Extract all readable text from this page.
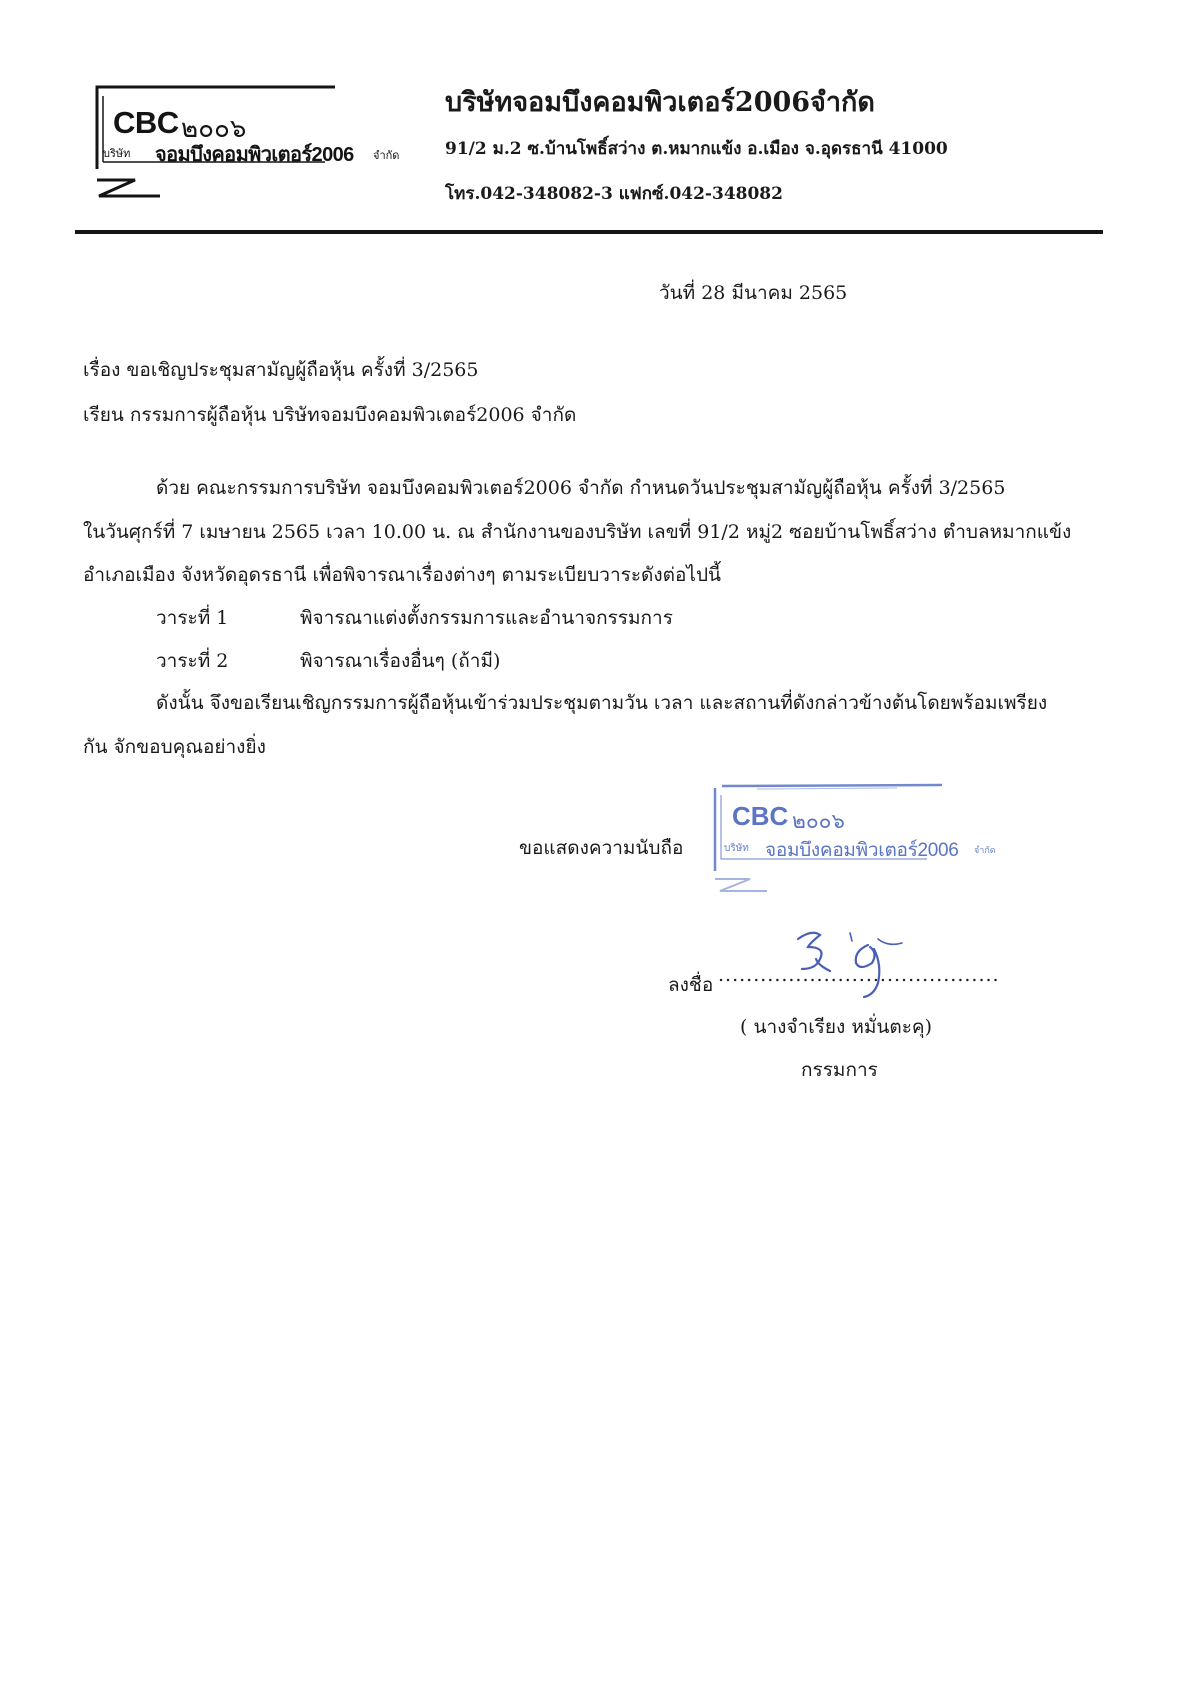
CBC ๒๐๐๖
บริษัท จอมบึงคอมพิวเตอร์2006 จำกัด
บริษัทจอมบึงคอมพิวเตอร์2006จำกัด
91/2 ม.2 ซ.บ้านโพธิ์สว่าง ต.หมากแข้ง อ.เมือง จ.อุดรธานี 41000
โทร.042-348082-3 แฟกซ์.042-348082
วันที่ 28 มีนาคม 2565
เรื่อง ขอเชิญประชุมสามัญผู้ถือหุ้น ครั้งที่ 3/2565
เรียน กรรมการผู้ถือหุ้น บริษัทจอมบึงคอมพิวเตอร์2006 จำกัด
ด้วย คณะกรรมการบริษัท จอมบึงคอมพิวเตอร์2006 จำกัด กำหนดวันประชุมสามัญผู้ถือหุ้น ครั้งที่ 3/2565
ในวันศุกร์ที่ 7 เมษายน 2565 เวลา 10.00 น. ณ สำนักงานของบริษัท เลขที่ 91/2 หมู่2 ซอยบ้านโพธิ์สว่าง ตำบลหมากแข้ง
อำเภอเมือง จังหวัดอุดรธานี เพื่อพิจารณาเรื่องต่างๆ ตามระเบียบวาระดังต่อไปนี้
วาระที่ 1	พิจารณาแต่งตั้งกรรมการและอำนาจกรรมการ
วาระที่ 2	พิจารณาเรื่องอื่นๆ (ถ้ามี)
ดังนั้น จึงขอเรียนเชิญกรรมการผู้ถือหุ้นเข้าร่วมประชุมตามวัน เวลา และสถานที่ดังกล่าวข้างต้นโดยพร้อมเพรียง
กัน จักขอบคุณอย่างยิ่ง
ขอแสดงความนับถือ
CBC ๒๐๐๖
บริษัท จอมบึงคอมพิวเตอร์2006 จำกัด
ลงชื่อ ........................................
( นางจำเรียง หมั่นตะคุ)
กรรมการ
